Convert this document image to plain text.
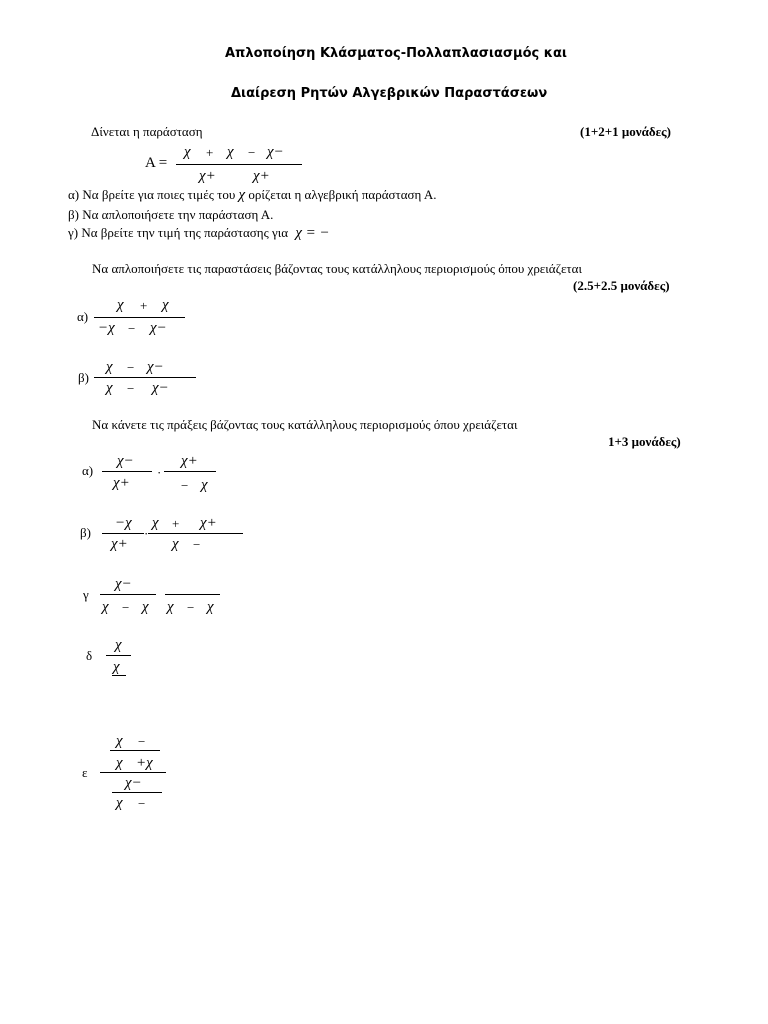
Απλοποίηση Κλάσματος-Πολλαπλασιασμός και
Διαίρεση Ρητών Αλγεβρικών Παραστάσεων
Δίνεται η παράσταση	(1+2+1 μονάδες)
Α =
χ + χ − χ−
χ+ χ+
α) Να βρείτε για ποιες τιμές του χ ορίζεται η αλγεβρική παράσταση Α.
β) Να απλοποιήσετε την παράσταση Α.
γ) Να βρείτε την τιμή της παράστασης για χ = −
Να απλοποιήσετε τις παραστάσεις βάζοντας τους κατάλληλους περιορισμούς όπου χρειάζεται
(2.5+2.5 μονάδες)
α)
χ + χ
−χ − χ−
β)
χ − χ−
χ − χ−
Να κάνετε τις πράξεις βάζοντας τους κατάλληλους περιορισμούς όπου χρειάζεται
1+3 μονάδες)
α)
χ−
χ+
·
χ+
− χ
β)
−χ
χ+
·
χ + χ+
χ −
γ
χ−
χ − χ χ − χ
δ
χ
χ
ε
χ −
χ +χ
χ−
χ −
